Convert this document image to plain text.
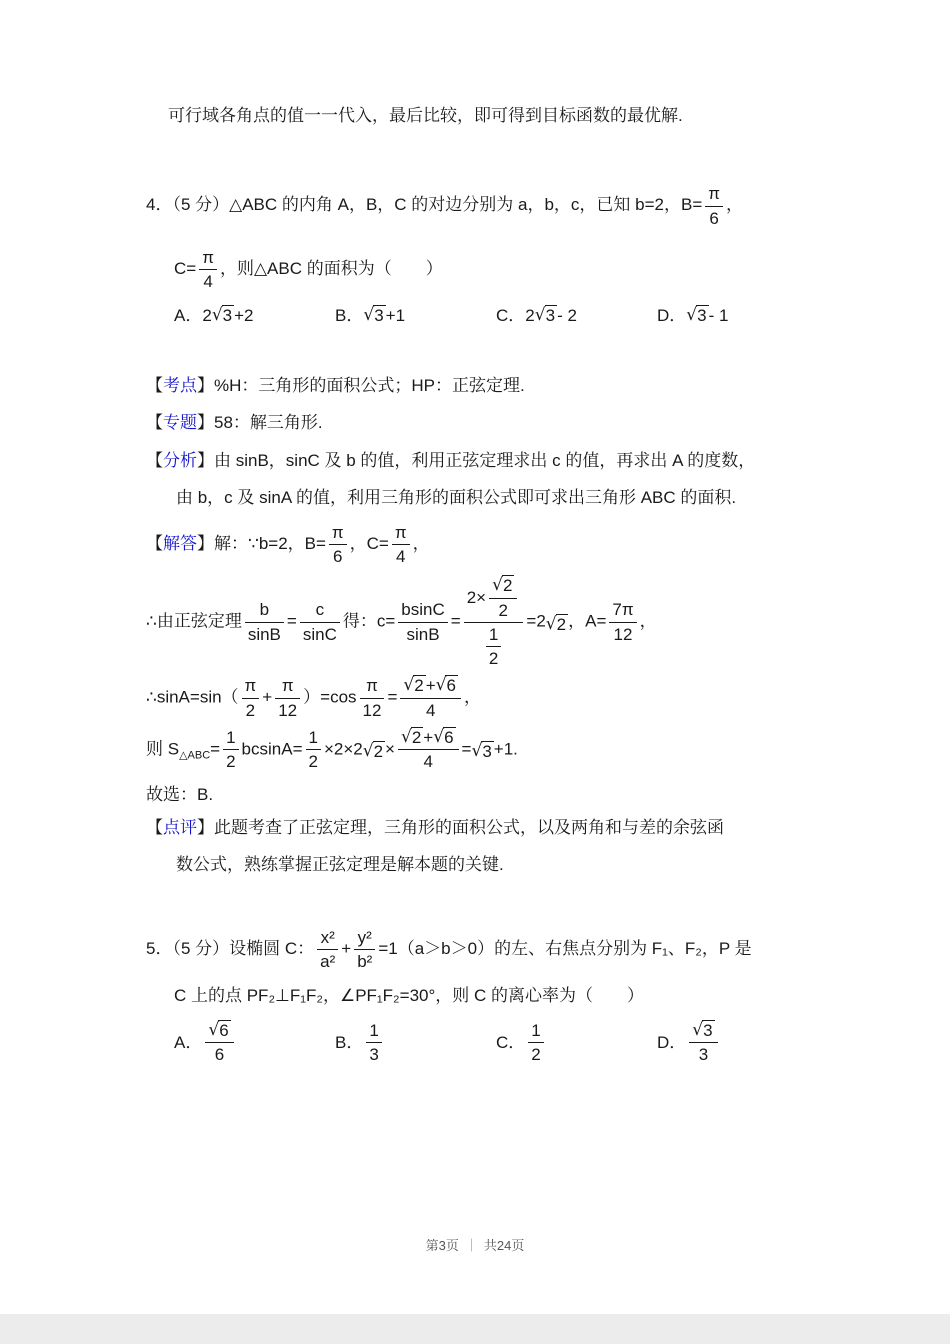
可行域各角点的值一一代入，最后比较，即可得到目标函数的最优解.

4．（5 分）△ABC 的内角 A，B，C 的对边分别为 a，b，c，已知 b=2，$B= \frac{\pi}{6}$ ，

$C= \frac{\pi}{4}$ ，则△ABC 的面积为（　　）

A． 2 √ 3 +2	B． √ 3 +1	C． 2 √ 3 - 2	D． √ 3 - 1

【考点】%H：三角形的面积公式；HP：正弦定理.

【专题】58：解三角形.

【分析】由 sinB，sinC 及 b 的值，利用正弦定理求出 c 的值，再求出 A 的度数，

由 b，c 及 sinA 的值，利用三角形的面积公式即可求出三角形 ABC 的面积.

【解答】解：∵b=2，$B= \frac{\pi}{6}$ ，$C= \frac{\pi}{4}$ ，

∴由正弦定理 $\frac{b}{\sin B} = \frac{c}{\sin C}$ 得：$c= \frac{bsinC}{\sin B} = \frac{2\times \frac{√ 2}{2}}{\frac{1}{2}} =2$ √ 2 ，$A= \frac{7\pi}{12}$ ，

∴sinA=sin（ $\frac{\pi}{2} + \frac{\pi}{12} )=\cos \frac{\pi}{12} = \frac{√ 2 + √ 6}{4}$ ，

则 $S_{\triangle ABC}= \frac{1}{2} bcsinA= \frac{1}{2} \times 2\times 2$ √ $2 \times \frac{√ 2 + √ 6}{4}$ = √ 3 +1.

故选：B.

【点评】此题考查了正弦定理，三角形的面积公式，以及两角和与差的余弦函

数公式，熟练掌握正弦定理是解本题的关键.

5．（5 分）设椭圆 C： $\frac{\text{x²}}{\text{a²}} + \frac{\text{y²}}{\text{b²}} =1(a>b>0)$的左、右焦点分别为 F₁、F₂，P 是

C 上的点 PF₂⊥F₁F₂，∠PF₁F₂=30°，则 C 的离心率为（　　）

A． $\frac{√ 6}{6}$	B． $\frac{1}{3}$	C． $\frac{1}{2}$	D． $\frac{√ 3}{3}$

第3页 ｜ 共24页
